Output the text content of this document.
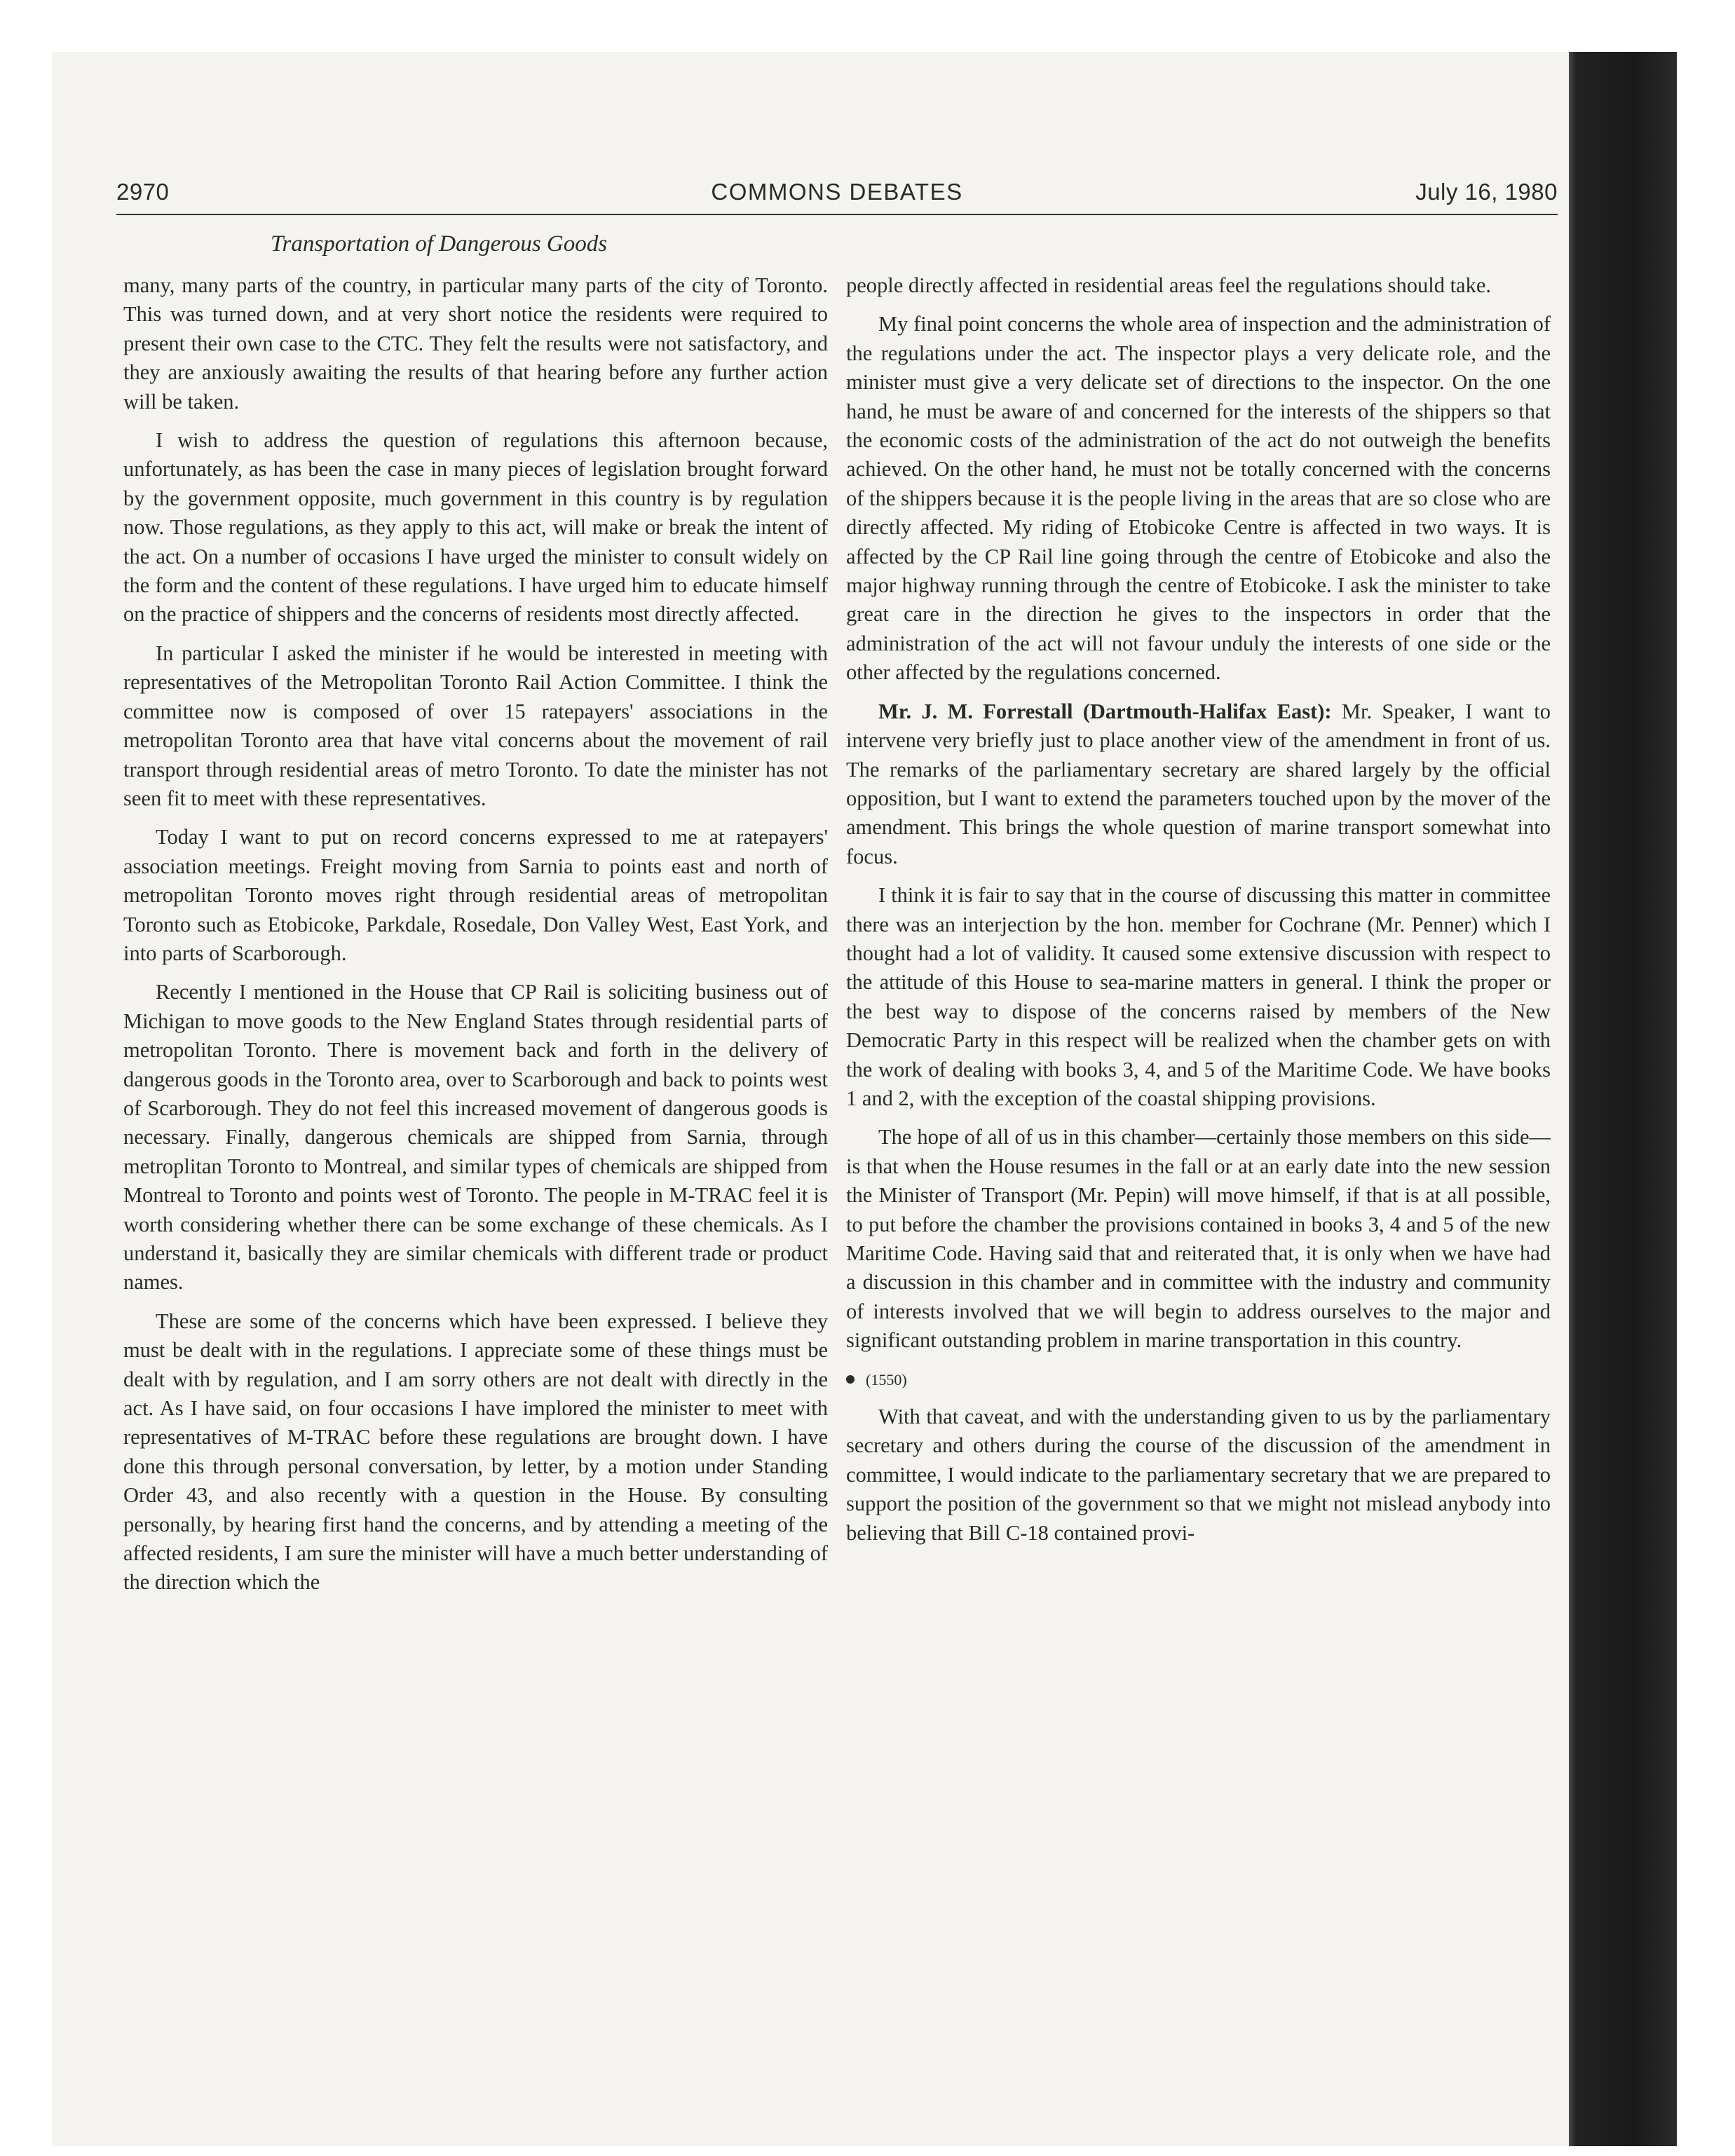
2970	COMMONS DEBATES	July 16, 1980
Transportation of Dangerous Goods

many, many parts of the country, in particular many parts of the city of Toronto. This was turned down, and at very short notice the residents were required to present their own case to the CTC. They felt the results were not satisfactory, and they are anxiously awaiting the results of that hearing before any further action will be taken.

I wish to address the question of regulations this afternoon because, unfortunately, as has been the case in many pieces of legislation brought forward by the government opposite, much government in this country is by regulation now. Those regulations, as they apply to this act, will make or break the intent of the act. On a number of occasions I have urged the minister to consult widely on the form and the content of these regulations. I have urged him to educate himself on the practice of shippers and the concerns of residents most directly affected.

In particular I asked the minister if he would be interested in meeting with representatives of the Metropolitan Toronto Rail Action Committee. I think the committee now is composed of over 15 ratepayers' associations in the metropolitan Toronto area that have vital concerns about the movement of rail transport through residential areas of metro Toronto. To date the minister has not seen fit to meet with these representatives.

Today I want to put on record concerns expressed to me at ratepayers' association meetings. Freight moving from Sarnia to points east and north of metropolitan Toronto moves right through residential areas of metropolitan Toronto such as Etobicoke, Parkdale, Rosedale, Don Valley West, East York, and into parts of Scarborough.

Recently I mentioned in the House that CP Rail is soliciting business out of Michigan to move goods to the New England States through residential parts of metropolitan Toronto. There is movement back and forth in the delivery of dangerous goods in the Toronto area, over to Scarborough and back to points west of Scarborough. They do not feel this increased movement of dangerous goods is necessary. Finally, dangerous chemicals are shipped from Sarnia, through metroplitan Toronto to Montreal, and similar types of chemicals are shipped from Montreal to Toronto and points west of Toronto. The people in M-TRAC feel it is worth considering whether there can be some exchange of these chemicals. As I understand it, basically they are similar chemicals with different trade or product names.

These are some of the concerns which have been expressed. I believe they must be dealt with in the regulations. I appreciate some of these things must be dealt with by regulation, and I am sorry others are not dealt with directly in the act. As I have said, on four occasions I have implored the minister to meet with representatives of M-TRAC before these regulations are brought down. I have done this through personal conversation, by letter, by a motion under Standing Order 43, and also recently with a question in the House. By consulting personally, by hearing first hand the concerns, and by attending a meeting of the affected residents, I am sure the minister will have a much better understanding of the direction which the

people directly affected in residential areas feel the regulations should take.

My final point concerns the whole area of inspection and the administration of the regulations under the act. The inspector plays a very delicate role, and the minister must give a very delicate set of directions to the inspector. On the one hand, he must be aware of and concerned for the interests of the shippers so that the economic costs of the administration of the act do not outweigh the benefits achieved. On the other hand, he must not be totally concerned with the concerns of the shippers because it is the people living in the areas that are so close who are directly affected. My riding of Etobicoke Centre is affected in two ways. It is affected by the CP Rail line going through the centre of Etobicoke and also the major highway running through the centre of Etobicoke. I ask the minister to take great care in the direction he gives to the inspectors in order that the administration of the act will not favour unduly the interests of one side or the other affected by the regulations concerned.

Mr. J. M. Forrestall (Dartmouth-Halifax East): Mr. Speaker, I want to intervene very briefly just to place another view of the amendment in front of us. The remarks of the parliamentary secretary are shared largely by the official opposition, but I want to extend the parameters touched upon by the mover of the amendment. This brings the whole question of marine transport somewhat into focus.

I think it is fair to say that in the course of discussing this matter in committee there was an interjection by the hon. member for Cochrane (Mr. Penner) which I thought had a lot of validity. It caused some extensive discussion with respect to the attitude of this House to sea-marine matters in general. I think the proper or the best way to dispose of the concerns raised by members of the New Democratic Party in this respect will be realized when the chamber gets on with the work of dealing with books 3, 4, and 5 of the Maritime Code. We have books 1 and 2, with the exception of the coastal shipping provisions.

The hope of all of us in this chamber—certainly those members on this side—is that when the House resumes in the fall or at an early date into the new session the Minister of Transport (Mr. Pepin) will move himself, if that is at all possible, to put before the chamber the provisions contained in books 3, 4 and 5 of the new Maritime Code. Having said that and reiterated that, it is only when we have had a discussion in this chamber and in committee with the industry and community of interests involved that we will begin to address ourselves to the major and significant outstanding problem in marine transportation in this country.

(1550)

With that caveat, and with the understanding given to us by the parliamentary secretary and others during the course of the discussion of the amendment in committee, I would indicate to the parliamentary secretary that we are prepared to support the position of the government so that we might not mislead anybody into believing that Bill C-18 contained provi-
